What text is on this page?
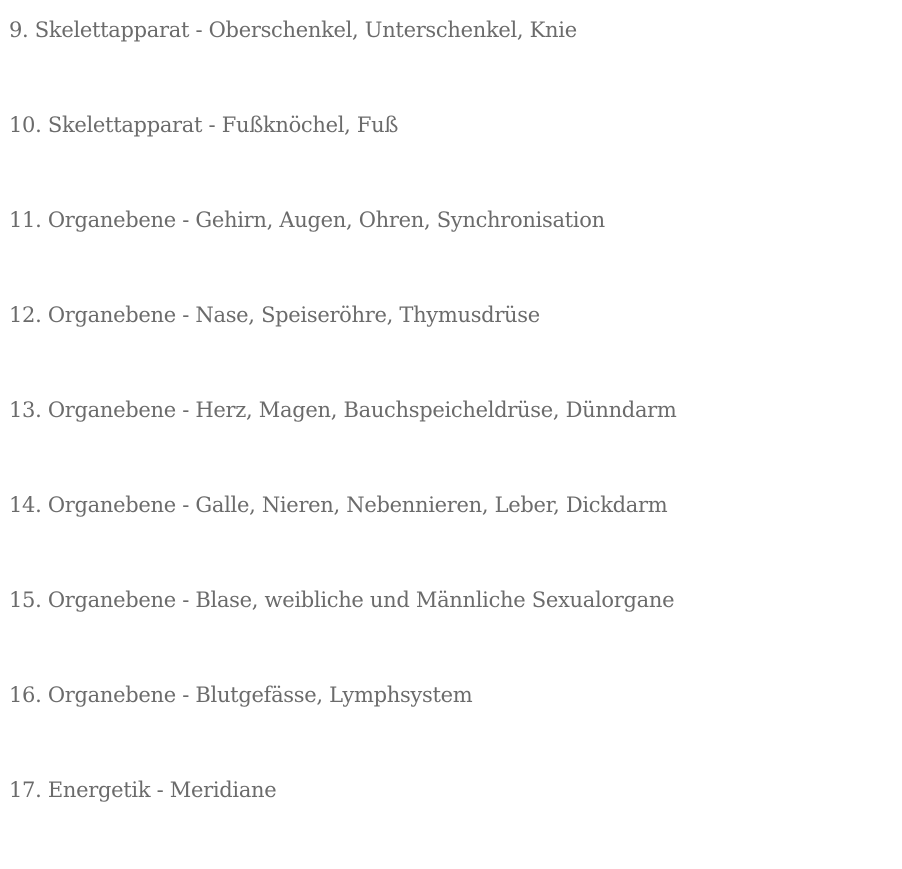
9. Skelettapparat - Oberschenkel, Unterschenkel, Knie
10. Skelettapparat - Fußknöchel, Fuß
11. Organebene - Gehirn, Augen, Ohren, Synchronisation
12. Organebene - Nase, Speiseröhre, Thymusdrüse
13. Organebene - Herz, Magen, Bauchspeicheldrüse, Dünndarm
14. Organebene - Galle, Nieren, Nebennieren, Leber, Dickdarm
15. Organebene - Blase, weibliche und Männliche Sexualorgane
16. Organebene - Blutgefässe, Lymphsystem
17. Energetik - Meridiane
